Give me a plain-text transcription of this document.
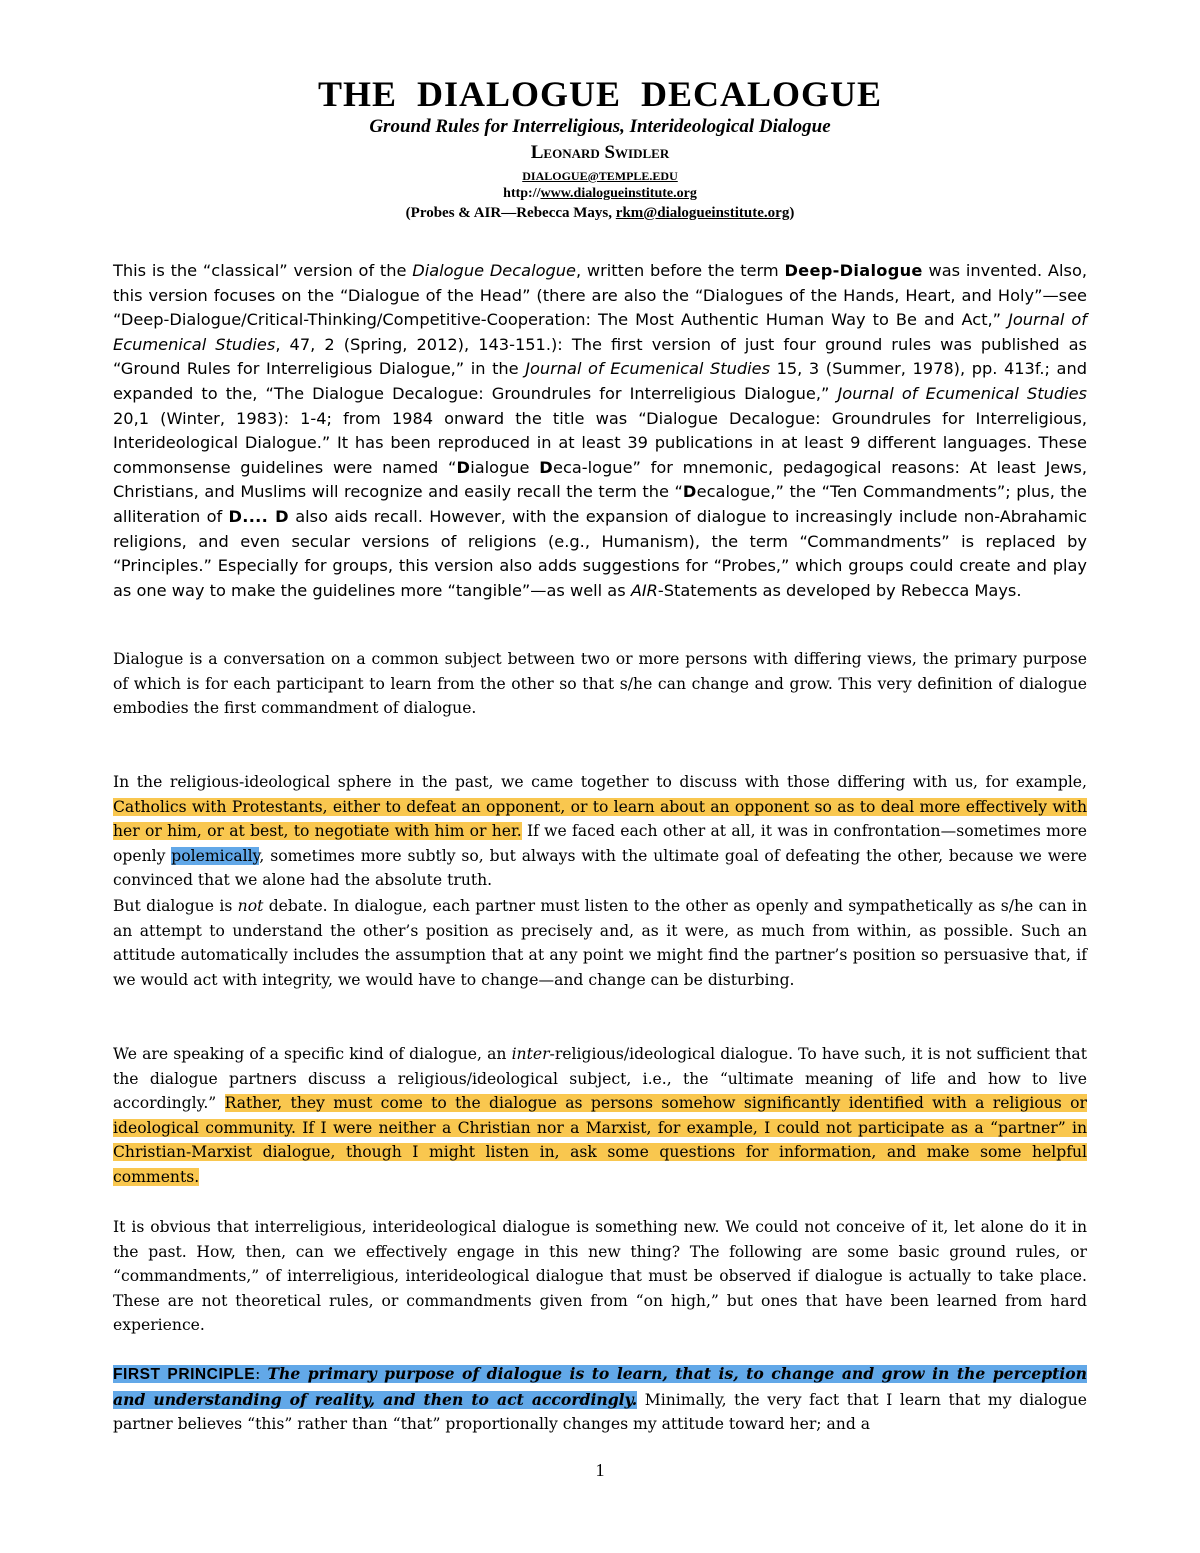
THE DIALOGUE DECALOGUE
Ground Rules for Interreligious, Interideological Dialogue
Leonard Swidler
DIALOGUE@TEMPLE.EDU
http://www.dialogueinstitute.org
(Probes & AIR—Rebecca Mays, rkm@dialogueinstitute.org)
This is the “classical” version of the Dialogue Decalogue, written before the term Deep-Dialogue was invented. Also, this version focuses on the “Dialogue of the Head” (there are also the “Dialogues of the Hands, Heart, and Holy”—see “Deep-Dialogue/Critical-Thinking/Competitive-Cooperation: The Most Authentic Human Way to Be and Act,” Journal of Ecumenical Studies, 47, 2 (Spring, 2012), 143-151.): The first version of just four ground rules was published as “Ground Rules for Interreligious Dialogue,” in the Journal of Ecumenical Studies 15, 3 (Summer, 1978), pp. 413f.; and expanded to the, “The Dialogue Decalogue: Groundrules for Interreligious Dialogue,” Journal of Ecumenical Studies 20,1 (Winter, 1983): 1-4; from 1984 onward the title was “Dialogue Decalogue: Groundrules for Interreligious, Interideological Dialogue.” It has been reproduced in at least 39 publications in at least 9 different languages. These commonsense guidelines were named “Dialogue Deca-logue” for mnemonic, pedagogical reasons: At least Jews, Christians, and Muslims will recognize and easily recall the term the “Decalogue,” the “Ten Commandments”; plus, the alliteration of D.... D also aids recall. However, with the expansion of dialogue to increasingly include non-Abrahamic religions, and even secular versions of religions (e.g., Humanism), the term “Commandments” is replaced by “Principles.” Especially for groups, this version also adds suggestions for “Probes,” which groups could create and play as one way to make the guidelines more “tangible”—as well as AIR-Statements as developed by Rebecca Mays.
Dialogue is a conversation on a common subject between two or more persons with differing views, the primary purpose of which is for each participant to learn from the other so that s/he can change and grow. This very definition of dialogue embodies the first commandment of dialogue.
In the religious-ideological sphere in the past, we came together to discuss with those differing with us, for example, Catholics with Protestants, either to defeat an opponent, or to learn about an opponent so as to deal more effectively with her or him, or at best, to negotiate with him or her. If we faced each other at all, it was in confrontation—sometimes more openly polemically, sometimes more subtly so, but always with the ultimate goal of defeating the other, because we were convinced that we alone had the absolute truth.
But dialogue is not debate. In dialogue, each partner must listen to the other as openly and sympathetically as s/he can in an attempt to understand the other’s position as precisely and, as it were, as much from within, as possible. Such an attitude automatically includes the assumption that at any point we might find the partner’s position so persuasive that, if we would act with integrity, we would have to change—and change can be disturbing.
We are speaking of a specific kind of dialogue, an inter-religious/ideological dialogue. To have such, it is not sufficient that the dialogue partners discuss a religious/ideological subject, i.e., the “ultimate meaning of life and how to live accordingly.” Rather, they must come to the dialogue as persons somehow significantly identified with a religious or ideological community. If I were neither a Christian nor a Marxist, for example, I could not participate as a “partner” in Christian-Marxist dialogue, though I might listen in, ask some questions for information, and make some helpful comments.
It is obvious that interreligious, interideological dialogue is something new. We could not conceive of it, let alone do it in the past. How, then, can we effectively engage in this new thing? The following are some basic ground rules, or “commandments,” of interreligious, interideological dialogue that must be observed if dialogue is actually to take place. These are not theoretical rules, or commandments given from “on high,” but ones that have been learned from hard experience.
FIRST PRINCIPLE: The primary purpose of dialogue is to learn, that is, to change and grow in the perception and understanding of reality, and then to act accordingly. Minimally, the very fact that I learn that my dialogue partner believes “this” rather than “that” proportionally changes my attitude toward her; and a
1
